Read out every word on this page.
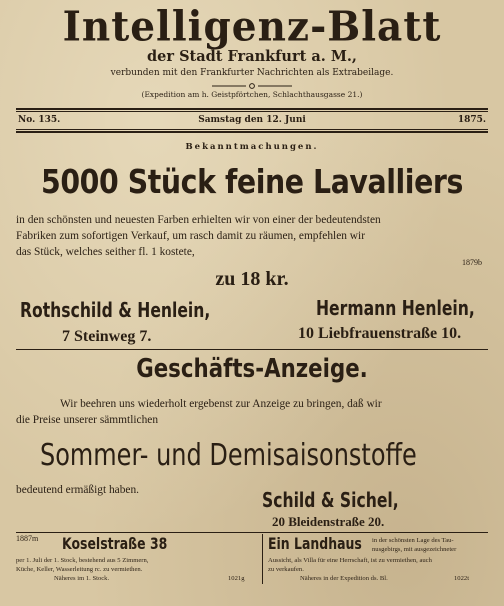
Intelligenz-Blatt
der Stadt Frankfurt a. M.,
verbunden mit den Frankfurter Nachrichten als Extrabeilage.
(Expedition am h. Geistpförtchen, Schlachthausgasse 21.)
No. 135.	Samstag den 12. Juni	1875.
Bekanntmachungen.
5000 Stück feine Lavalliers
in den schönsten und neuesten Farben erhielten wir von einer der bedeutendsten
Fabriken zum sofortigen Verkauf, um rasch damit zu räumen, empfehlen wir
das Stück, welches seither fl. 1 kostete,
1879b
zu 18 kr.
Rothschild & Henlein,
7 Steinweg 7.
Hermann Henlein,
10 Liebfrauenstraße 10.
Geschäfts-Anzeige.
Wir beehren uns wiederholt ergebenst zur Anzeige zu bringen, daß wir
die Preise unserer sämmtlichen
Sommer- und Demisaisonstoffe
bedeutend ermäßigt haben.	Schild & Sichel,
20 Bleidenstraße 20.
1887m Koselstraße 38
per 1. Juli der 1. Stock, bestehend aus 5 Zimmern,
Küche, Keller, Wasserleitung rc. zu vermiethen.
Näheres im 1. Stock.	1021g
Ein Landhaus in der schönsten Lage des Tau-
nusgebirgs, mit ausgezeichneter
Aussicht, als Villa für eine Herrschaft, ist zu vermiethen, auch
zu verkaufen.
Näheres in der Expedition ds. Bl.	1022t
